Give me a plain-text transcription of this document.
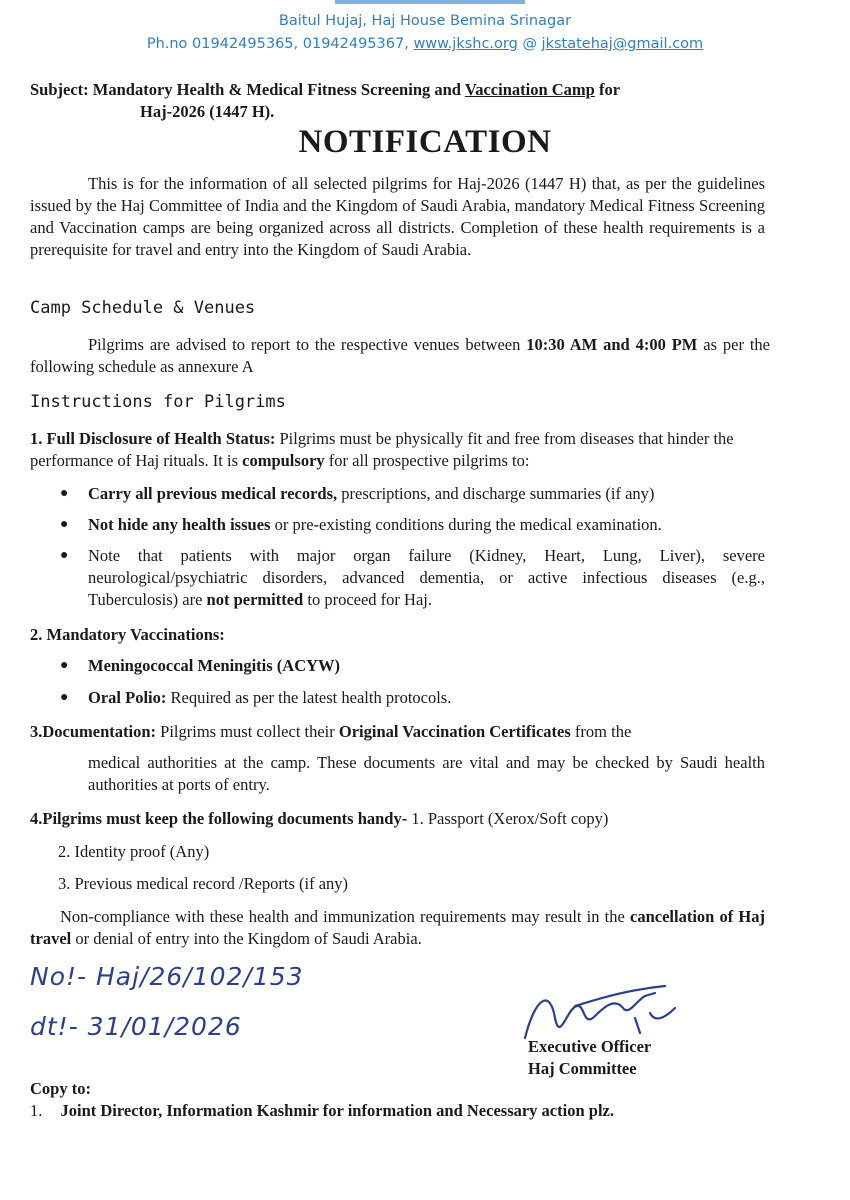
Baitul Hujaj, Haj House Bemina Srinagar
Ph.no 01942495365, 01942495367, www.jkshc.org @ jkstatehaj@gmail.com
Subject: Mandatory Health & Medical Fitness Screening and Vaccination Camp for
Haj-2026 (1447 H).
NOTIFICATION
This is for the information of all selected pilgrims for Haj-2026 (1447 H) that, as per the guidelines issued by the Haj Committee of India and the Kingdom of Saudi Arabia, mandatory Medical Fitness Screening and Vaccination camps are being organized across all districts. Completion of these health requirements is a prerequisite for travel and entry into the Kingdom of Saudi Arabia.
Camp Schedule & Venues
Pilgrims are advised to report to the respective venues between 10:30 AM and 4:00 PM as per the following schedule as annexure A
Instructions for Pilgrims
1. Full Disclosure of Health Status: Pilgrims must be physically fit and free from diseases that hinder the performance of Haj rituals. It is compulsory for all prospective pilgrims to:
● Carry all previous medical records, prescriptions, and discharge summaries (if any)
● Not hide any health issues or pre-existing conditions during the medical examination.
● Note that patients with major organ failure (Kidney, Heart, Lung, Liver), severe neurological/psychiatric disorders, advanced dementia, or active infectious diseases (e.g., Tuberculosis) are not permitted to proceed for Haj.
2. Mandatory Vaccinations:
● Meningococcal Meningitis (ACYW)
● Oral Polio: Required as per the latest health protocols.
3.Documentation: Pilgrims must collect their Original Vaccination Certificates from the
medical authorities at the camp. These documents are vital and may be checked by Saudi health authorities at ports of entry.
4.Pilgrims must keep the following documents handy- 1. Passport (Xerox/Soft copy)
2. Identity proof (Any)
3. Previous medical record /Reports (if any)
Non-compliance with these health and immunization requirements may result in the cancellation of Haj travel or denial of entry into the Kingdom of Saudi Arabia.
No!- Haj/26/102/153
dt!- 31/01/2026
Executive Officer
Haj Committee
Copy to:
1. Joint Director, Information Kashmir for information and Necessary action plz.
